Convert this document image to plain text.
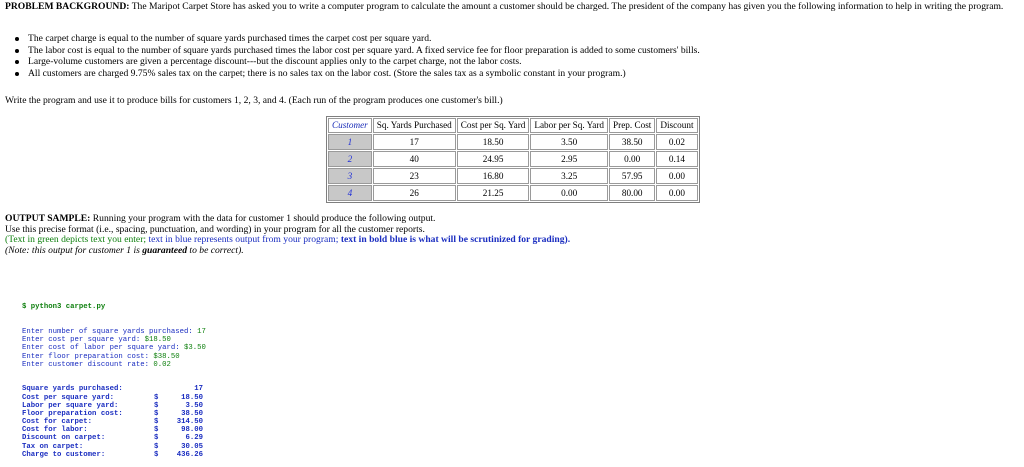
PROBLEM BACKGROUND: The Maripot Carpet Store has asked you to write a computer program to calculate the amount a customer should be charged. The president of the company has given you the following information to help in writing the program.
The carpet charge is equal to the number of square yards purchased times the carpet cost per square yard.
The labor cost is equal to the number of square yards purchased times the labor cost per square yard. A fixed service fee for floor preparation is added to some customers' bills.
Large-volume customers are given a percentage discount---but the discount applies only to the carpet charge, not the labor costs.
All customers are charged 9.75% sales tax on the carpet; there is no sales tax on the labor cost. (Store the sales tax as a symbolic constant in your program.)
Write the program and use it to produce bills for customers 1, 2, 3, and 4. (Each run of the program produces one customer's bill.)
Customer	Sq. Yards Purchased	Cost per Sq. Yard	Labor per Sq. Yard	Prep. Cost	Discount
1	17	18.50	3.50	38.50	0.02
2	40	24.95	2.95	0.00	0.14
3	23	16.80	3.25	57.95	0.00
4	26	21.25	0.00	80.00	0.00
OUTPUT SAMPLE: Running your program with the data for customer 1 should produce the following output.
Use this precise format (i.e., spacing, punctuation, and wording) in your program for all the customer reports.
(Text in green depicts text you enter; text in blue represents output from your program; text in bold blue is what will be scrutinized for grading).
(Note: this output for customer 1 is guaranteed to be correct).

$ python3 carpet.py

Enter number of square yards purchased: 17
Enter cost per square yard: $18.50
Enter cost of labor per square yard: $3.50
Enter floor preparation cost: $38.50
Enter customer discount rate: 0.02

Square yards purchased:	17
Cost per square yard:	$	18.50
Labor per square yard:	$	3.50
Floor preparation cost:	$	38.50
Cost for carpet:	$	314.50
Cost for labor:	$	98.00
Discount on carpet:	$	6.29
Tax on carpet:	$	30.05
Charge to customer:	$	436.26
